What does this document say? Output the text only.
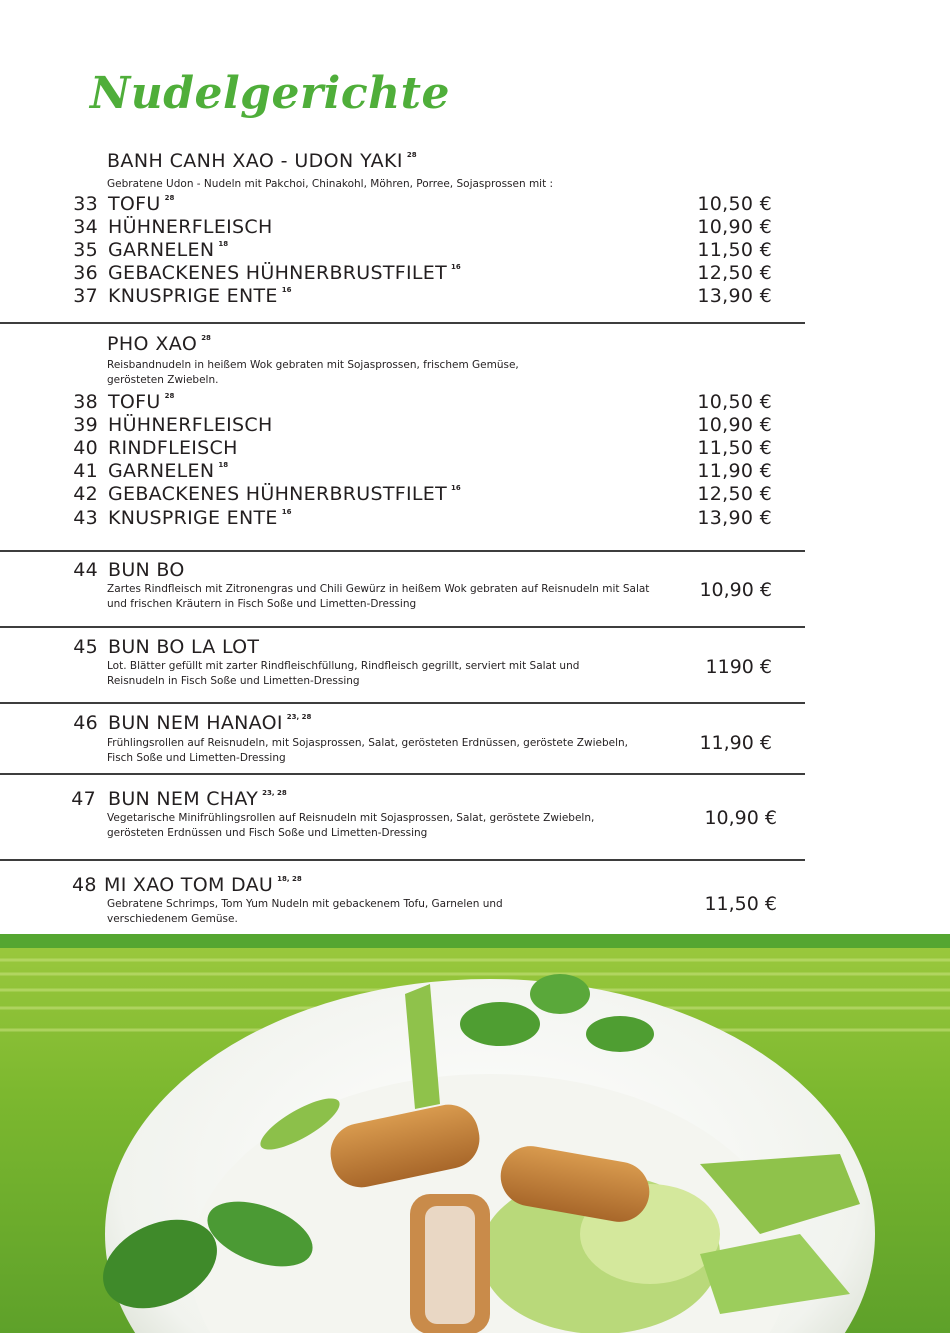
Nudelgerichte
BANH CANH XAO - UDON YAKI $^{28}$
Gebratene Udon - Nudeln mit Pakchoi, Chinakohl, Möhren, Porree, Sojasprossen mit :
33 TOFU $^{28}$	10,50 €
34 HÜHNERFLEISCH	10,90 €
35 GARNELEN $^{18}$	11,50 €
36 GEBACKENES HÜHNERBRUSTFILET $^{16}$	12,50 €
37 KNUSPRIGE ENTE $^{16}$	13,90 €
PHO XAO $^{28}$
Reisbandnudeln in heißem Wok gebraten mit Sojasprossen, frischem Gemüse, gerösteten Zwiebeln.
38 TOFU $^{28}$	10,50 €
39 HÜHNERFLEISCH	10,90 €
40 RINDFLEISCH	11,50 €
41 GARNELEN $^{18}$	11,90 €
42 GEBACKENES HÜHNERBRUSTFILET $^{16}$	12,50 €
43 KNUSPRIGE ENTE $^{16}$	13,90 €
44 BUN BO
Zartes Rindfleisch mit Zitronengras und Chili Gewürz in heißem Wok gebraten auf Reisnudeln mit Salat und frischen Kräutern in Fisch Soße und Limetten-Dressing
10,90 €
45 BUN BO LA LOT
Lot. Blätter gefüllt mit zarter Rindfleischfüllung, Rindfleisch gegrillt, serviert mit Salat und Reisnudeln in Fisch Soße und Limetten-Dressing
1190 €
46 BUN NEM HANAOI $^{23, 28}$
Frühlingsrollen auf Reisnudeln, mit Sojasprossen, Salat, gerösteten Erdnüssen, geröstete Zwiebeln, Fisch Soße und Limetten-Dressing
11,90 €
47 BUN NEM CHAY $^{23, 28}$
Vegetarische Minifrühlingsrollen auf Reisnudeln mit Sojasprossen, Salat, geröstete Zwiebeln, gerösteten Erdnüssen und Fisch Soße und Limetten-Dressing
10,90 €
48 MI XAO TOM DAU $^{18, 28}$
Gebratene Schrimps, Tom Yum Nudeln mit gebackenem Tofu, Garnelen und verschiedenem Gemüse.
11,50 €
